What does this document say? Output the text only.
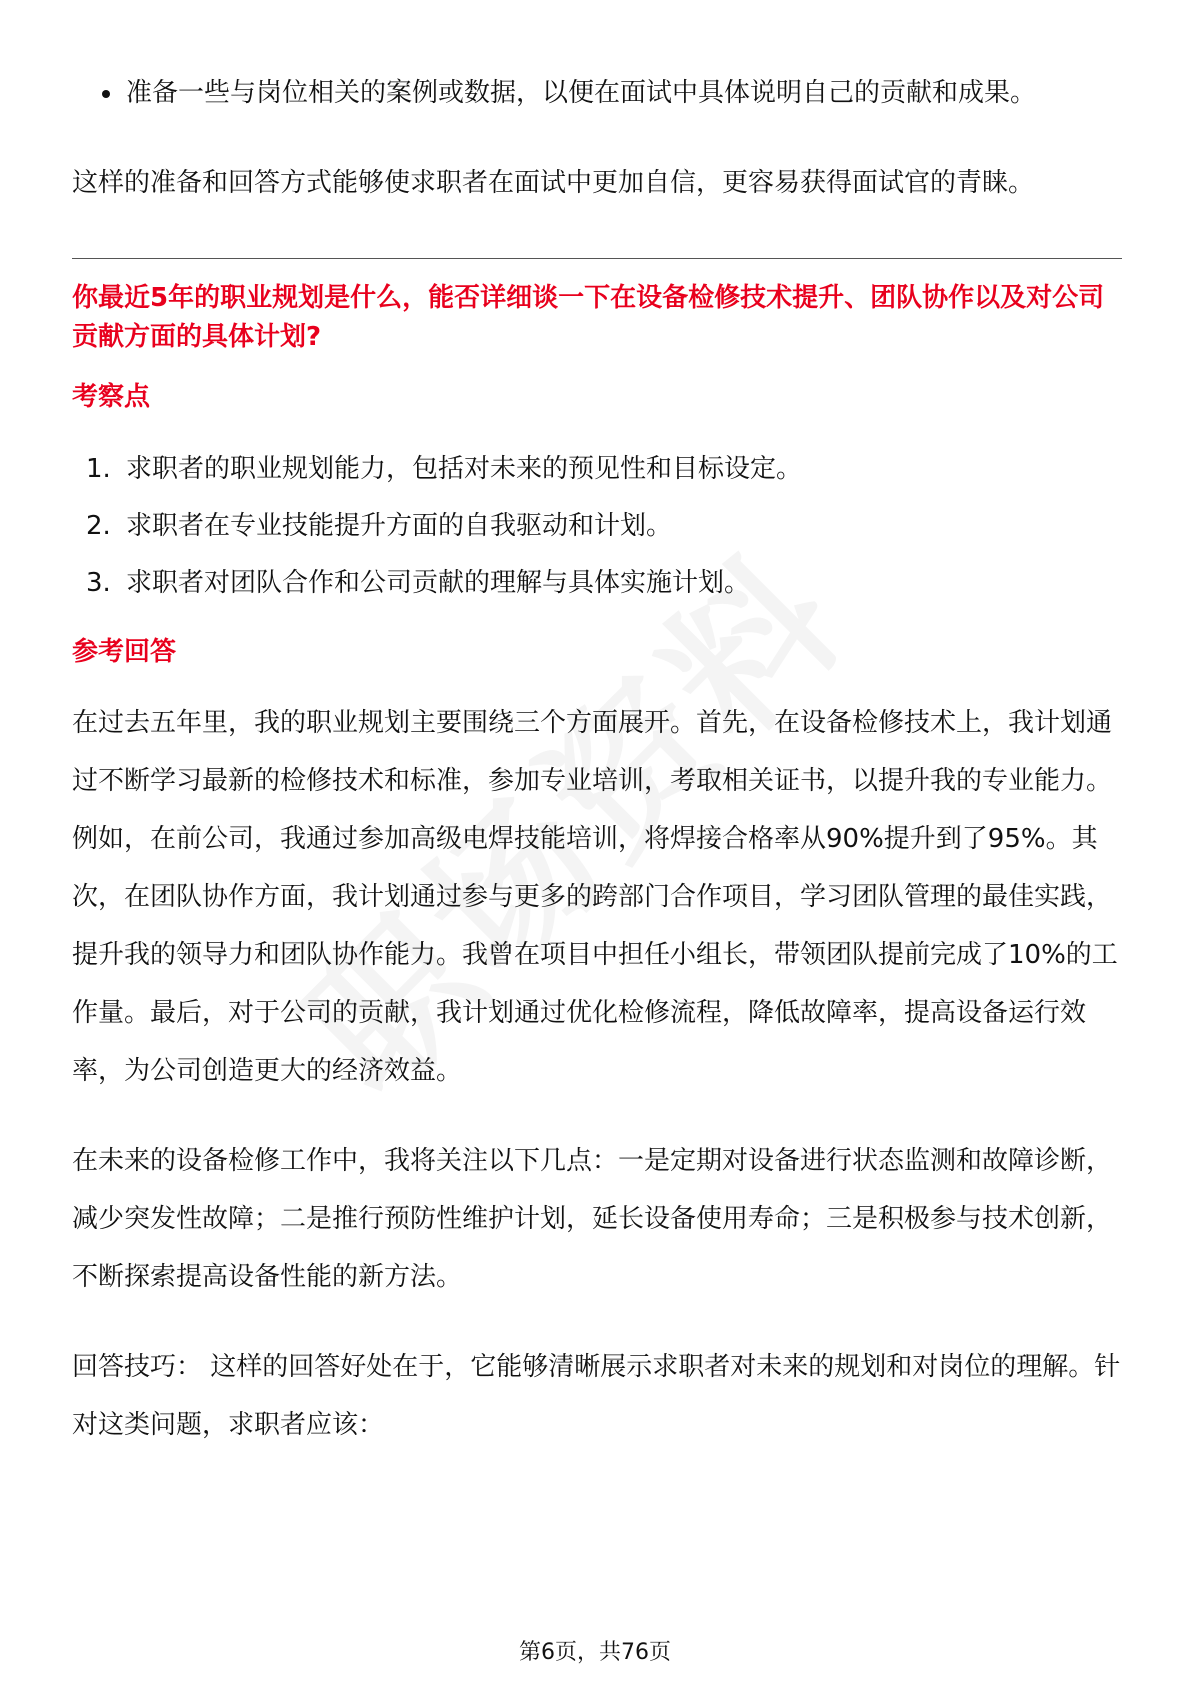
准备一些与岗位相关的案例或数据，以便在面试中具体说明自己的贡献和成果。

这样的准备和回答方式能够使求职者在面试中更加自信，更容易获得面试官的青睐。

你最近5年的职业规划是什么，能否详细谈一下在设备检修技术提升、团队协作以及对公司贡献方面的具体计划?
考察点
1. 求职者的职业规划能力，包括对未来的预见性和目标设定。
2. 求职者在专业技能提升方面的自我驱动和计划。
3. 求职者对团队合作和公司贡献的理解与具体实施计划。
参考回答

在过去五年里，我的职业规划主要围绕三个方面展开。首先，在设备检修技术上，我计划通过不断学习最新的检修技术和标准，参加专业培训，考取相关证书，以提升我的专业能力。例如，在前公司，我通过参加高级电焊技能培训，将焊接合格率从90%提升到了95%。其次，在团队协作方面，我计划通过参与更多的跨部门合作项目，学习团队管理的最佳实践，提升我的领导力和团队协作能力。我曾在项目中担任小组长，带领团队提前完成了10%的工作量。最后，对于公司的贡献，我计划通过优化检修流程，降低故障率，提高设备运行效率，为公司创造更大的经济效益。

在未来的设备检修工作中，我将关注以下几点：一是定期对设备进行状态监测和故障诊断，减少突发性故障；二是推行预防性维护计划，延长设备使用寿命；三是积极参与技术创新，不断探索提高设备性能的新方法。

回答技巧： 这样的回答好处在于，它能够清晰展示求职者对未来的规划和对岗位的理解。针对这类问题，求职者应该：

第6页，共76页
